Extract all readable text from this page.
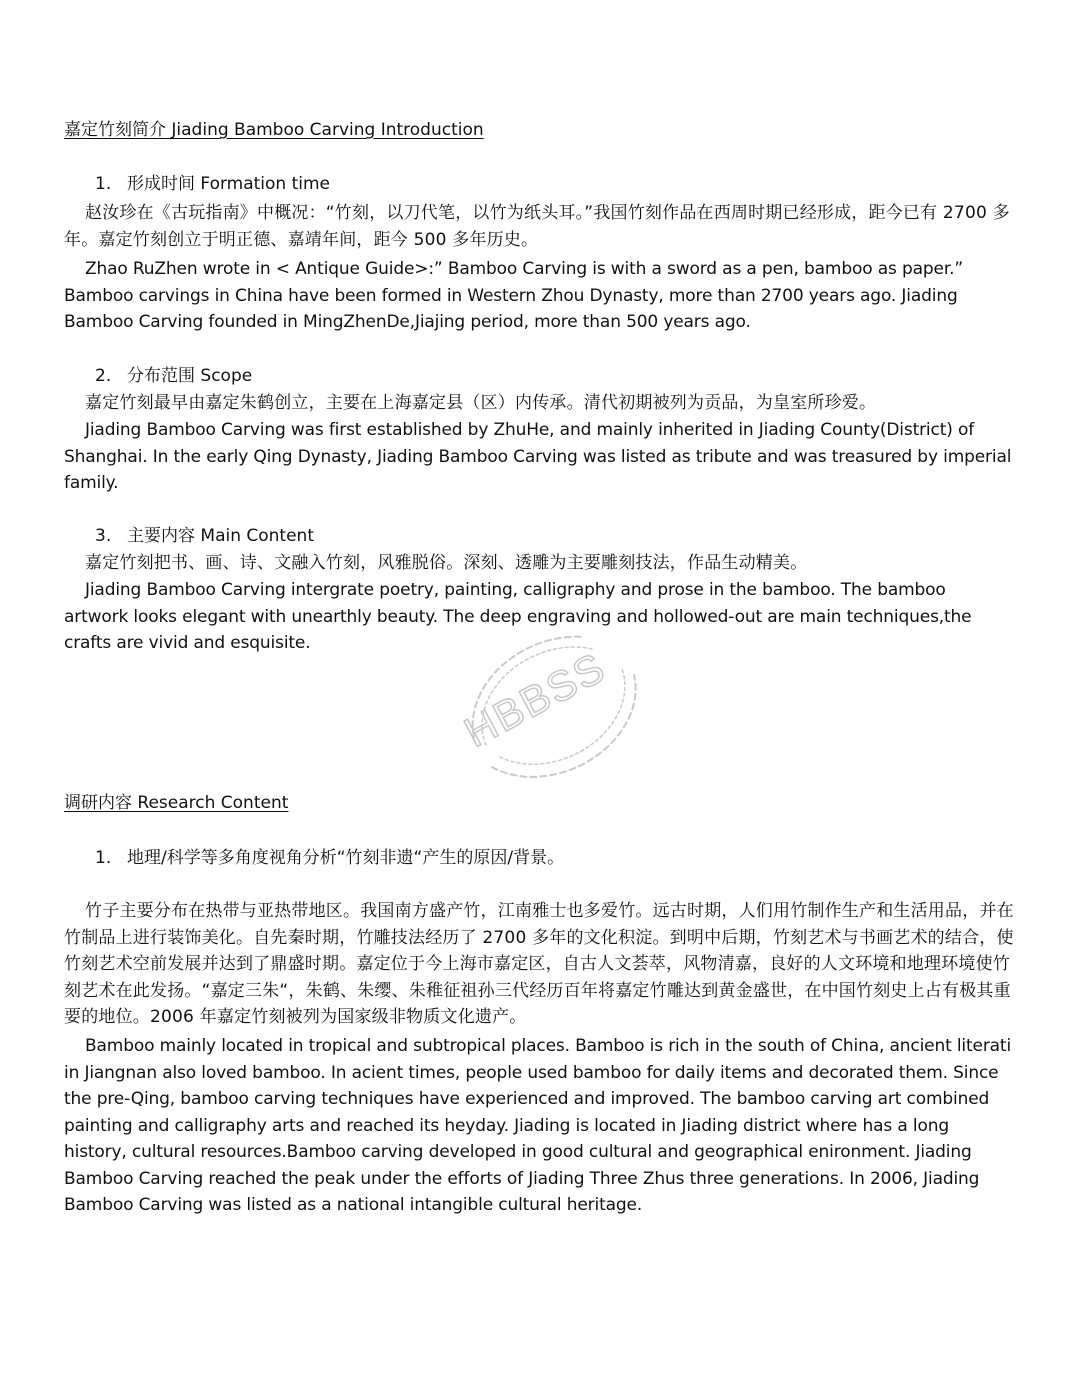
嘉定竹刻简介 Jiading Bamboo Carving Introduction
1. 形成时间 Formation time

赵汝珍在《古玩指南》中概况：“竹刻，以刀代笔，以竹为纸头耳。”我国竹刻作品在西周时期已经形成，距今已有 2700 多年。嘉定竹刻创立于明正德、嘉靖年间，距今 500 多年历史。

Zhao RuZhen wrote in < Antique Guide>:” Bamboo Carving is with a sword as a pen, bamboo as paper.” Bamboo carvings in China have been formed in Western Zhou Dynasty, more than 2700 years ago. Jiading Bamboo Carving founded in MingZhenDe,Jiajing period, more than 500 years ago.

2. 分布范围 Scope

嘉定竹刻最早由嘉定朱鹤创立，主要在上海嘉定县（区）内传承。清代初期被列为贡品，为皇室所珍爱。

Jiading Bamboo Carving was first established by ZhuHe, and mainly inherited in Jiading County(District) of Shanghai. In the early Qing Dynasty, Jiading Bamboo Carving was listed as tribute and was treasured by imperial family.

3. 主要内容 Main Content

嘉定竹刻把书、画、诗、文融入竹刻，风雅脱俗。深刻、透雕为主要雕刻技法，作品生动精美。

Jiading Bamboo Carving intergrate poetry, painting, calligraphy and prose in the bamboo. The bamboo artwork looks elegant with unearthly beauty. The deep engraving and hollowed-out are main techniques,the crafts are vivid and esquisite.

调研内容 Research Content
1. 地理/科学等多角度视角分析“竹刻非遗“产生的原因/背景。

竹子主要分布在热带与亚热带地区。我国南方盛产竹，江南雅士也多爱竹。远古时期，人们用竹制作生产和生活用品，并在竹制品上进行装饰美化。自先秦时期，竹雕技法经历了 2700 多年的文化积淀。到明中后期，竹刻艺术与书画艺术的结合，使竹刻艺术空前发展并达到了鼎盛时期。嘉定位于今上海市嘉定区，自古人文荟萃，风物清嘉，良好的人文环境和地理环境使竹刻艺术在此发扬。“嘉定三朱“，朱鹤、朱缨、朱稚征祖孙三代经历百年将嘉定竹雕达到黄金盛世，在中国竹刻史上占有极其重要的地位。2006 年嘉定竹刻被列为国家级非物质文化遗产。

Bamboo mainly located in tropical and subtropical places. Bamboo is rich in the south of China, ancient literati in Jiangnan also loved bamboo. In acient times, people used bamboo for daily items and decorated them. Since the pre-Qing, bamboo carving techniques have experienced and improved. The bamboo carving art combined painting and calligraphy arts and reached its heyday. Jiading is located in Jiading district where has a long history, cultural resources.Bamboo carving developed in good cultural and geographical enironment. Jiading Bamboo Carving reached the peak under the efforts of Jiading Three Zhus three generations. In 2006, Jiading Bamboo Carving was listed as a national intangible cultural heritage.

HBBSS
